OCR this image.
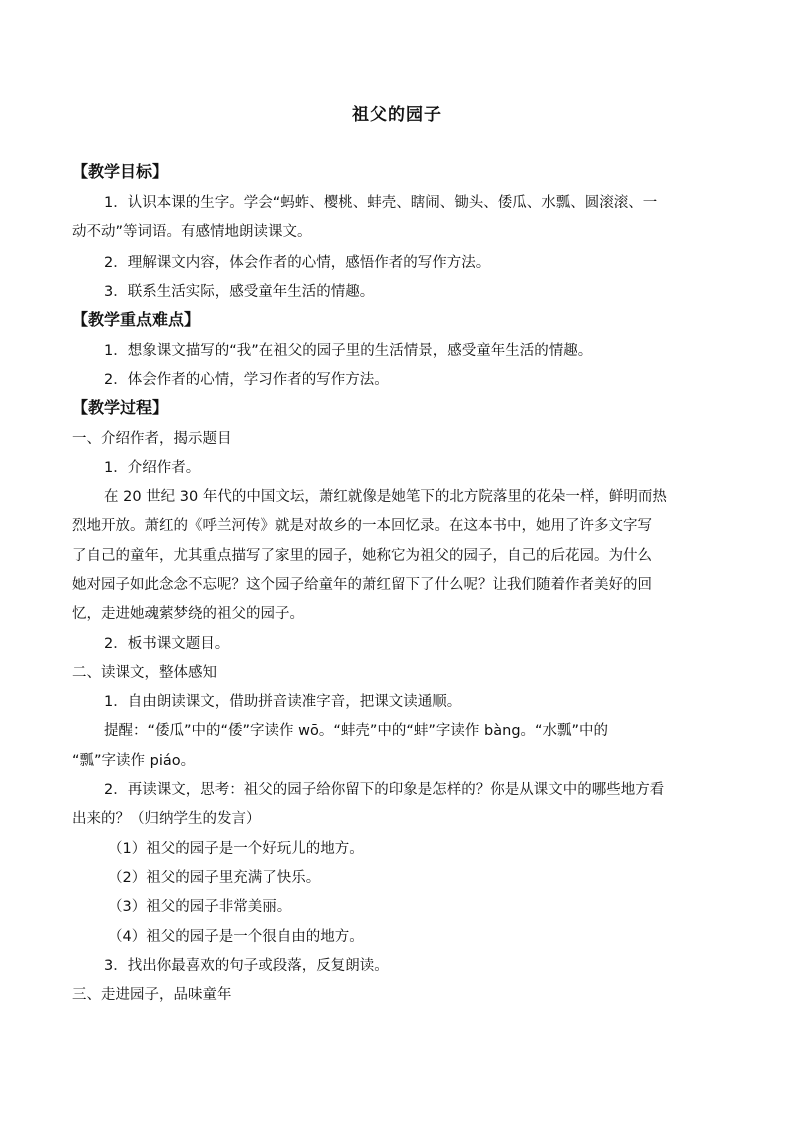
祖父的园子
【教学目标】
1．认识本课的生字。学会“蚂蚱、樱桃、蚌壳、瞎闹、锄头、倭瓜、水瓢、圆滚滚、一
动不动”等词语。有感情地朗读课文。
2．理解课文内容，体会作者的心情，感悟作者的写作方法。
3．联系生活实际，感受童年生活的情趣。
【教学重点难点】
1．想象课文描写的“我”在祖父的园子里的生活情景，感受童年生活的情趣。
2．体会作者的心情，学习作者的写作方法。
【教学过程】
一、介绍作者，揭示题目
1．介绍作者。
在 20 世纪 30 年代的中国文坛，萧红就像是她笔下的北方院落里的花朵一样，鲜明而热
烈地开放。萧红的《呼兰河传》就是对故乡的一本回忆录。在这本书中，她用了许多文字写
了自己的童年，尤其重点描写了家里的园子，她称它为祖父的园子，自己的后花园。为什么
她对园子如此念念不忘呢？这个园子给童年的萧红留下了什么呢？让我们随着作者美好的回
忆，走进她魂萦梦绕的祖父的园子。
2．板书课文题目。
二、读课文，整体感知
1．自由朗读课文，借助拼音读准字音，把课文读通顺。
提醒：“倭瓜”中的“倭”字读作 wō。“蚌壳”中的“蚌”字读作 bàng。“水瓢”中的
“瓢”字读作 piáo。
2．再读课文，思考：祖父的园子给你留下的印象是怎样的？你是从课文中的哪些地方看
出来的？（归纳学生的发言）
（1）祖父的园子是一个好玩儿的地方。
（2）祖父的园子里充满了快乐。
（3）祖父的园子非常美丽。
（4）祖父的园子是一个很自由的地方。
3．找出你最喜欢的句子或段落，反复朗读。
三、走进园子，品味童年
